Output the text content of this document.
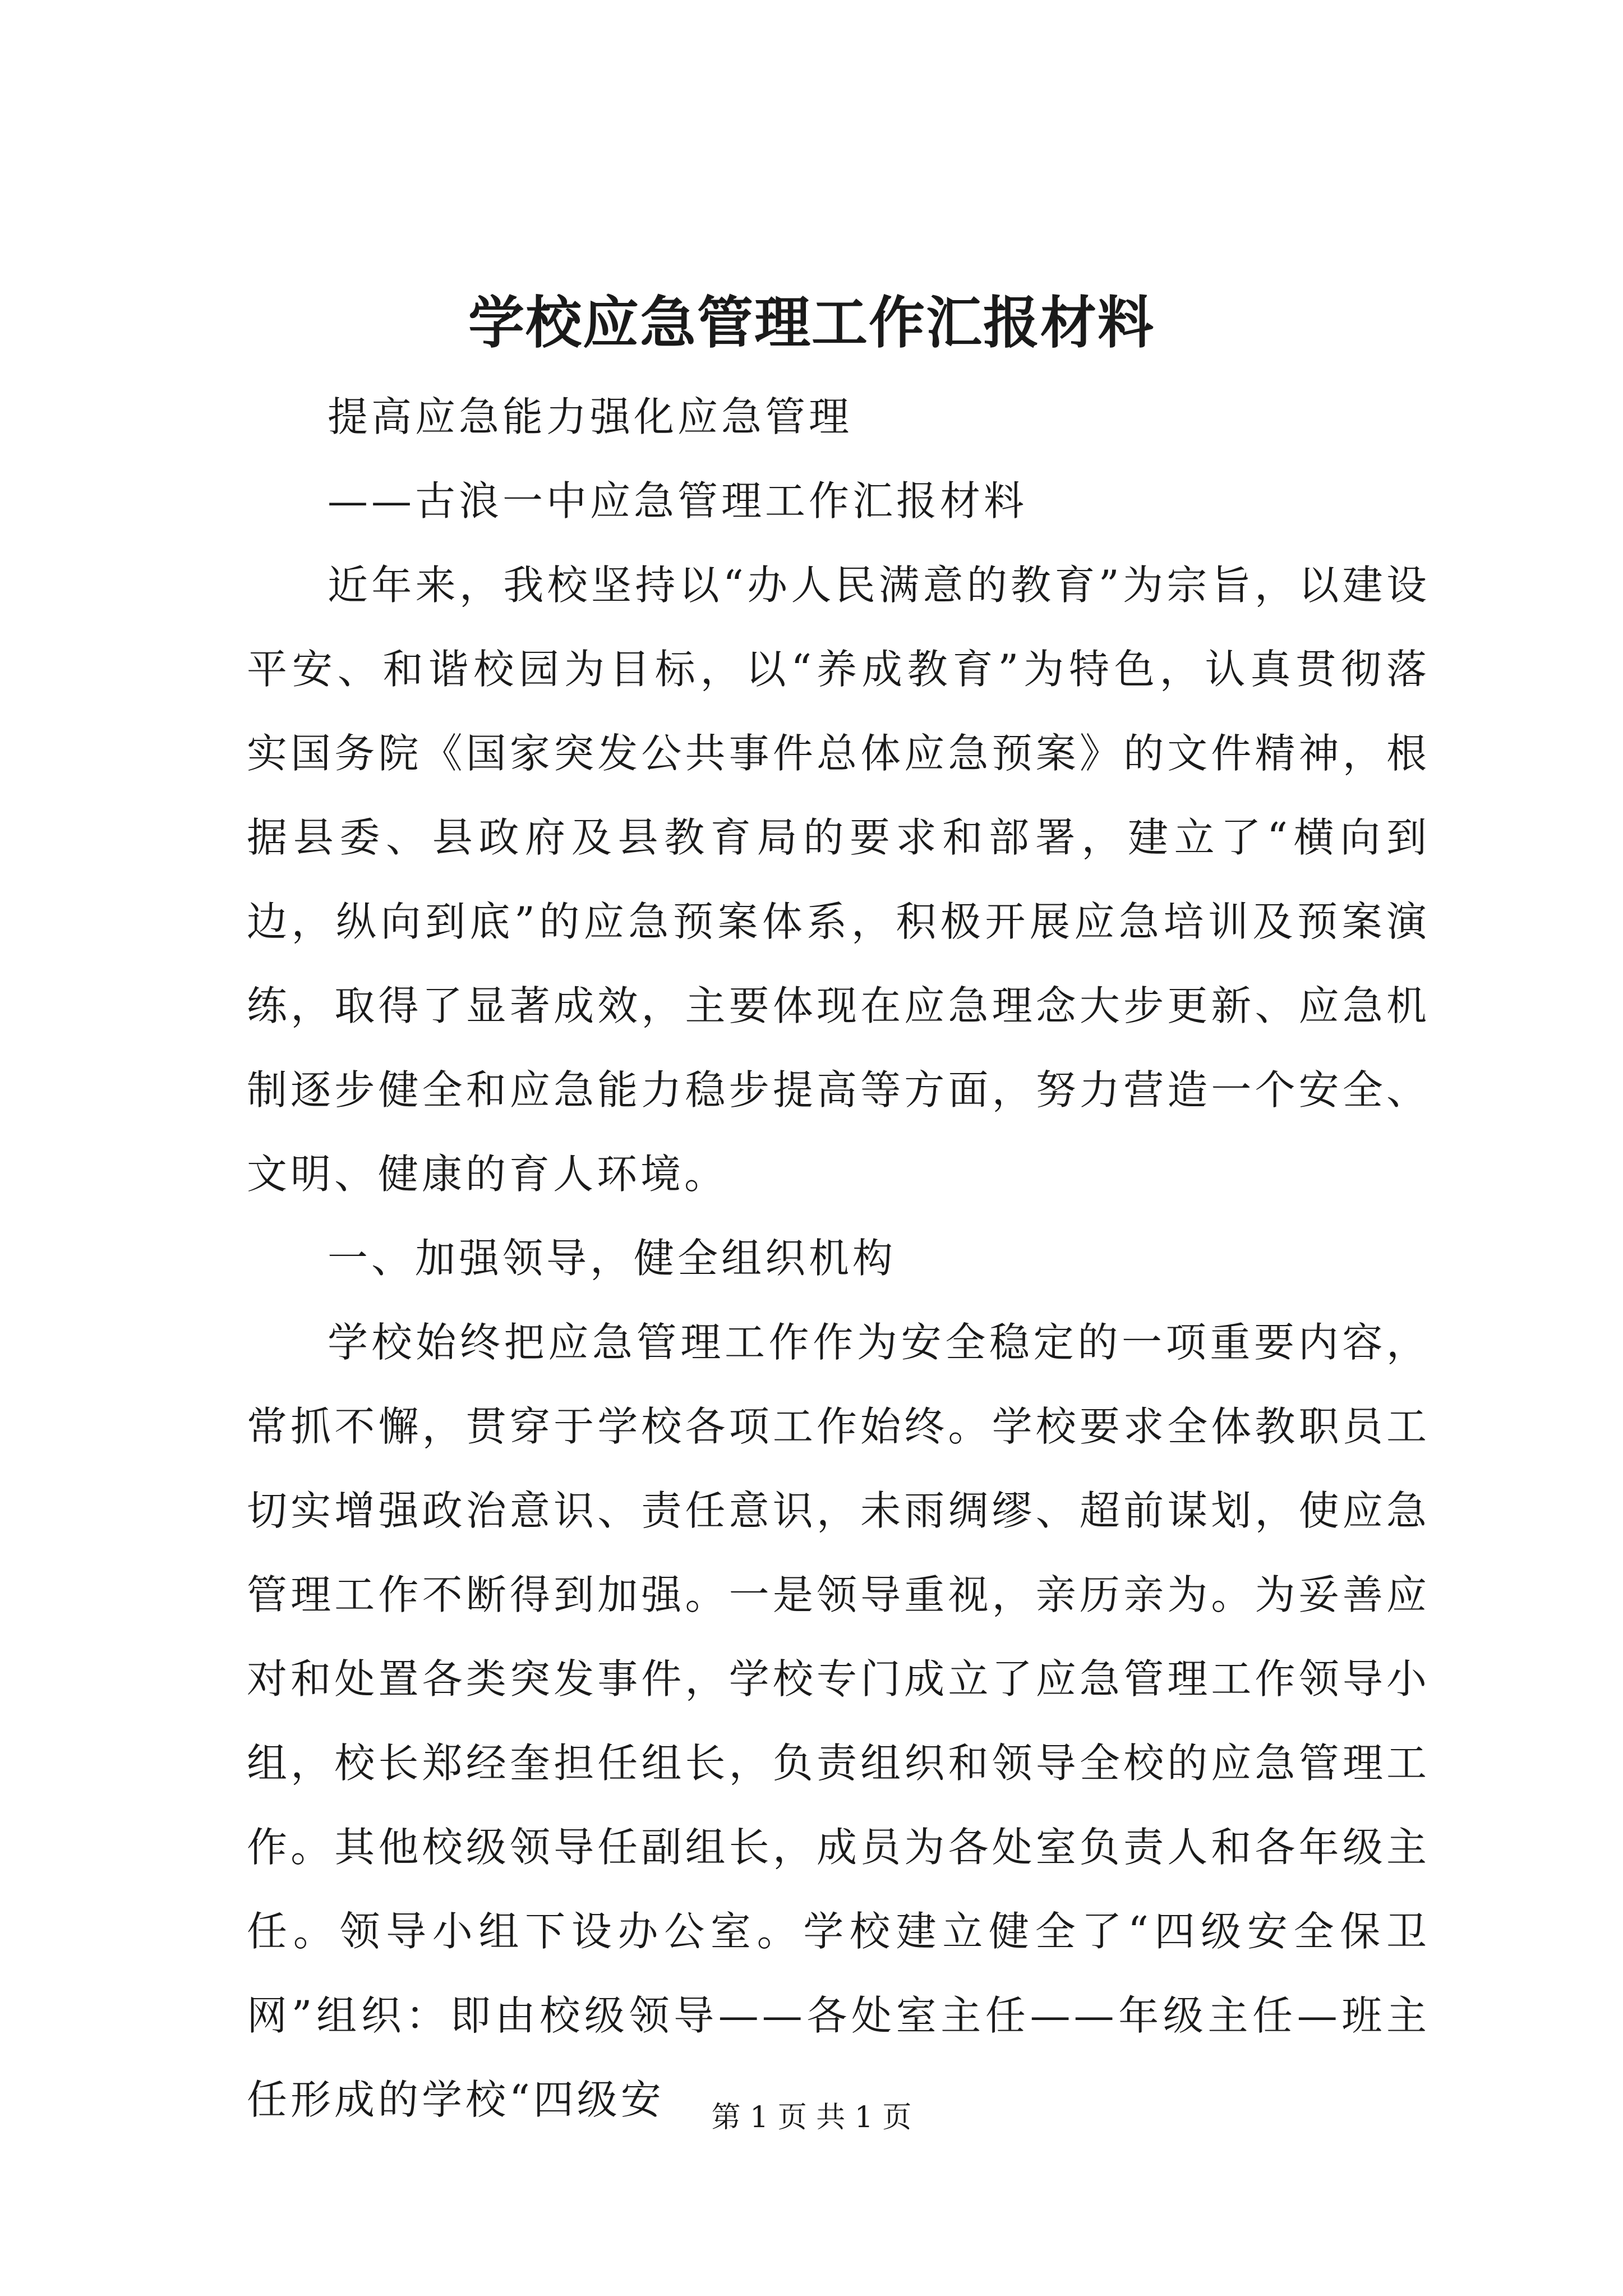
学校应急管理工作汇报材料

提高应急能力强化应急管理

——古浪一中应急管理工作汇报材料

近年来，我校坚持以“办人民满意的教育”为宗旨，以建设平安、和谐校园为目标，以“养成教育”为特色，认真贯彻落实国务院《国家突发公共事件总体应急预案》的文件精神，根据县委、县政府及县教育局的要求和部署，建立了“横向到边，纵向到底”的应急预案体系，积极开展应急培训及预案演练，取得了显著成效，主要体现在应急理念大步更新、应急机制逐步健全和应急能力稳步提高等方面，努力营造一个安全、文明、健康的育人环境。

一、加强领导，健全组织机构

学校始终把应急管理工作作为安全稳定的一项重要内容，常抓不懈，贯穿于学校各项工作始终。学校要求全体教职员工切实增强政治意识、责任意识，未雨绸缪、超前谋划，使应急管理工作不断得到加强。一是领导重视，亲历亲为。为妥善应对和处置各类突发事件，学校专门成立了应急管理工作领导小组，校长郑经奎担任组长，负责组织和领导全校的应急管理工作。其他校级领导任副组长，成员为各处室负责人和各年级主任。领导小组下设办公室。学校建立健全了“四级安全保卫网”组织：即由校级领导——各处室主任——年级主任—班主任形成的学校“四级安	第 1 页 共 1 页
